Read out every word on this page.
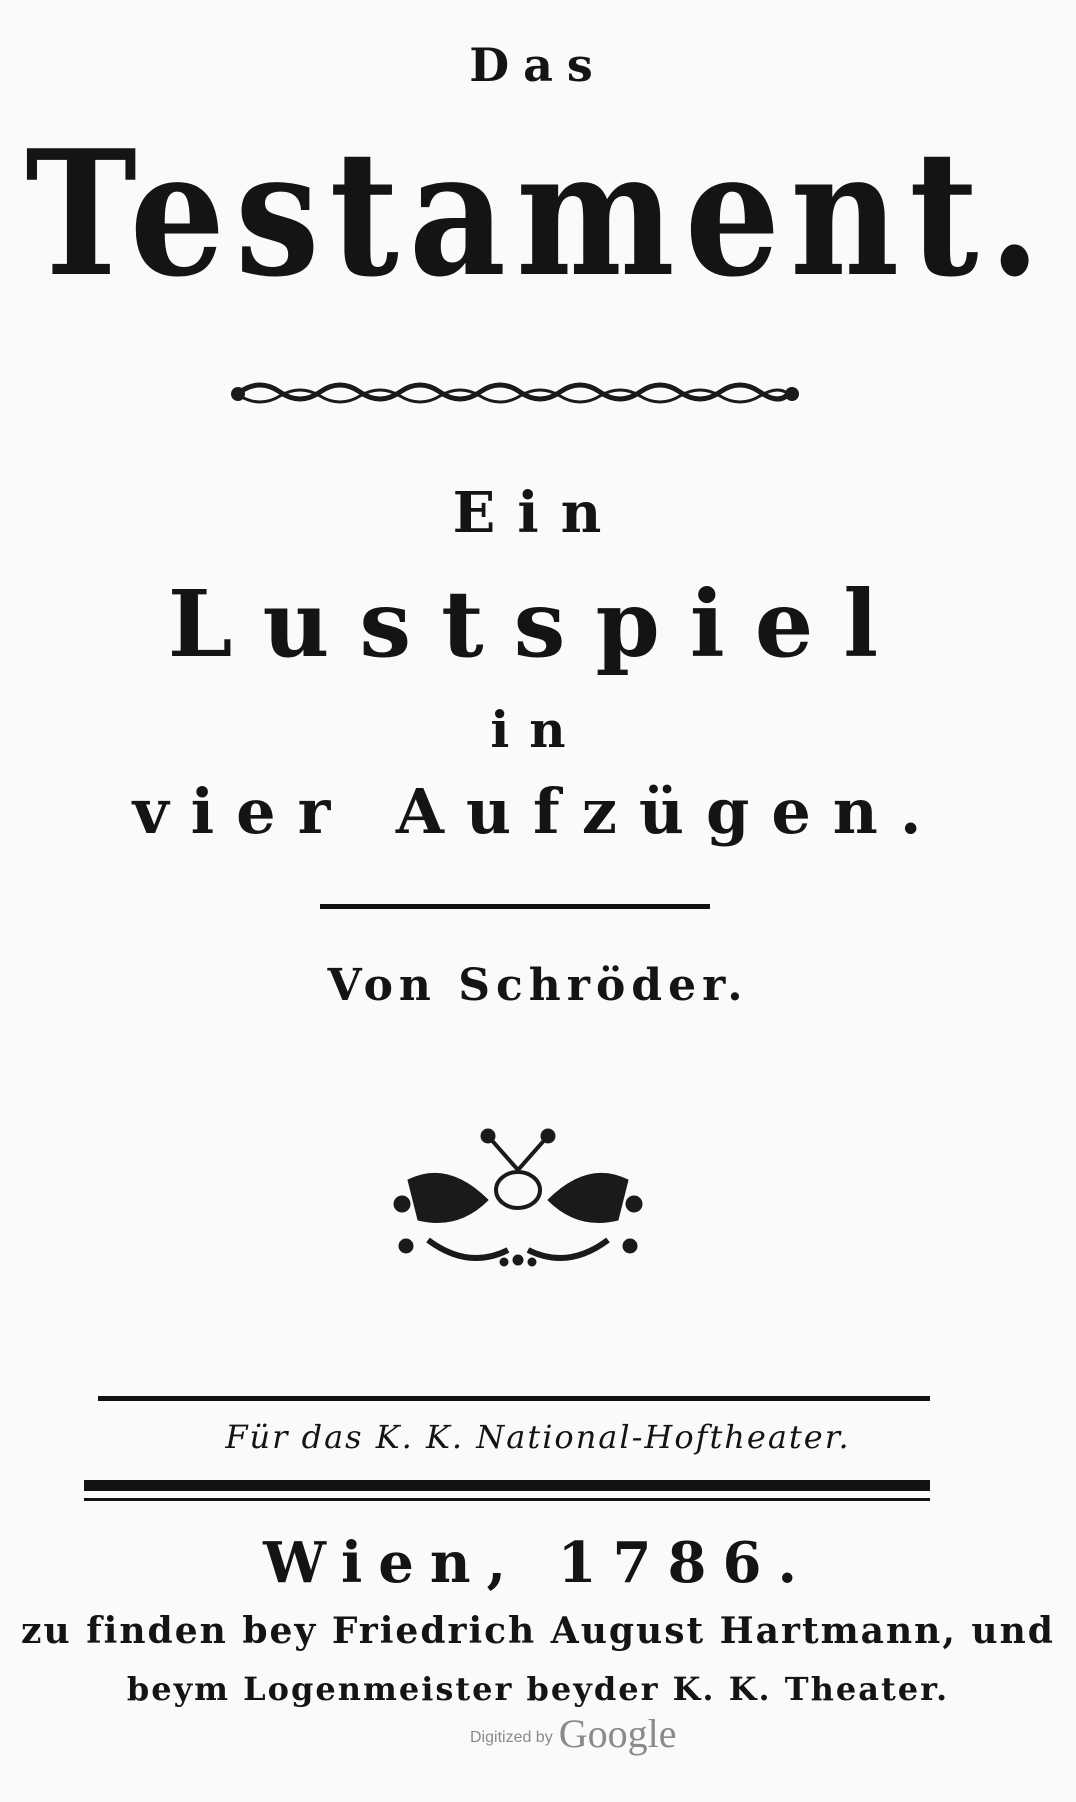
Das
Testament.
Ein
Lustspiel
in
vier Aufzügen.
Von Schröder.
Für das K. K. National-Hoftheater.
Wien, 1786.
zu finden bey Friedrich August Hartmann, und
beym Logenmeister beyder K. K. Theater.
Digitized by Google
